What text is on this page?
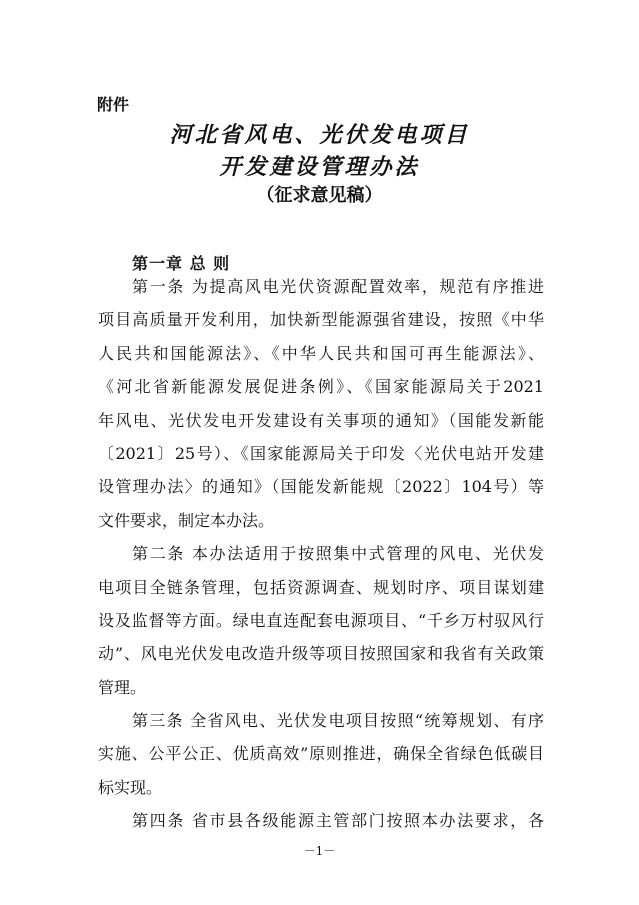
附件
河北省风电、光伏发电项目
开发建设管理办法
（征求意见稿）
第一章 总 则
第一条 为提高风电光伏资源配置效率，规范有序推进
项目高质量开发利用，加快新型能源强省建设，按照《中华
人民共和国能源法》、《中华人民共和国可再生能源法》、
《河北省新能源发展促进条例》、《国家能源局关于2021
年风电、光伏发电开发建设有关事项的通知》（国能发新能
〔2021〕25号）、《国家能源局关于印发〈光伏电站开发建
设管理办法〉的通知》（国能发新能规〔2022〕104号）等
文件要求，制定本办法。
第二条 本办法适用于按照集中式管理的风电、光伏发
电项目全链条管理，包括资源调查、规划时序、项目谋划建
设及监督等方面。绿电直连配套电源项目、“千乡万村驭风行
动”、风电光伏发电改造升级等项目按照国家和我省有关政策
管理。
第三条 全省风电、光伏发电项目按照“统筹规划、有序
实施、公平公正、优质高效”原则推进，确保全省绿色低碳目
标实现。
第四条 省市县各级能源主管部门按照本办法要求，各
－1－
